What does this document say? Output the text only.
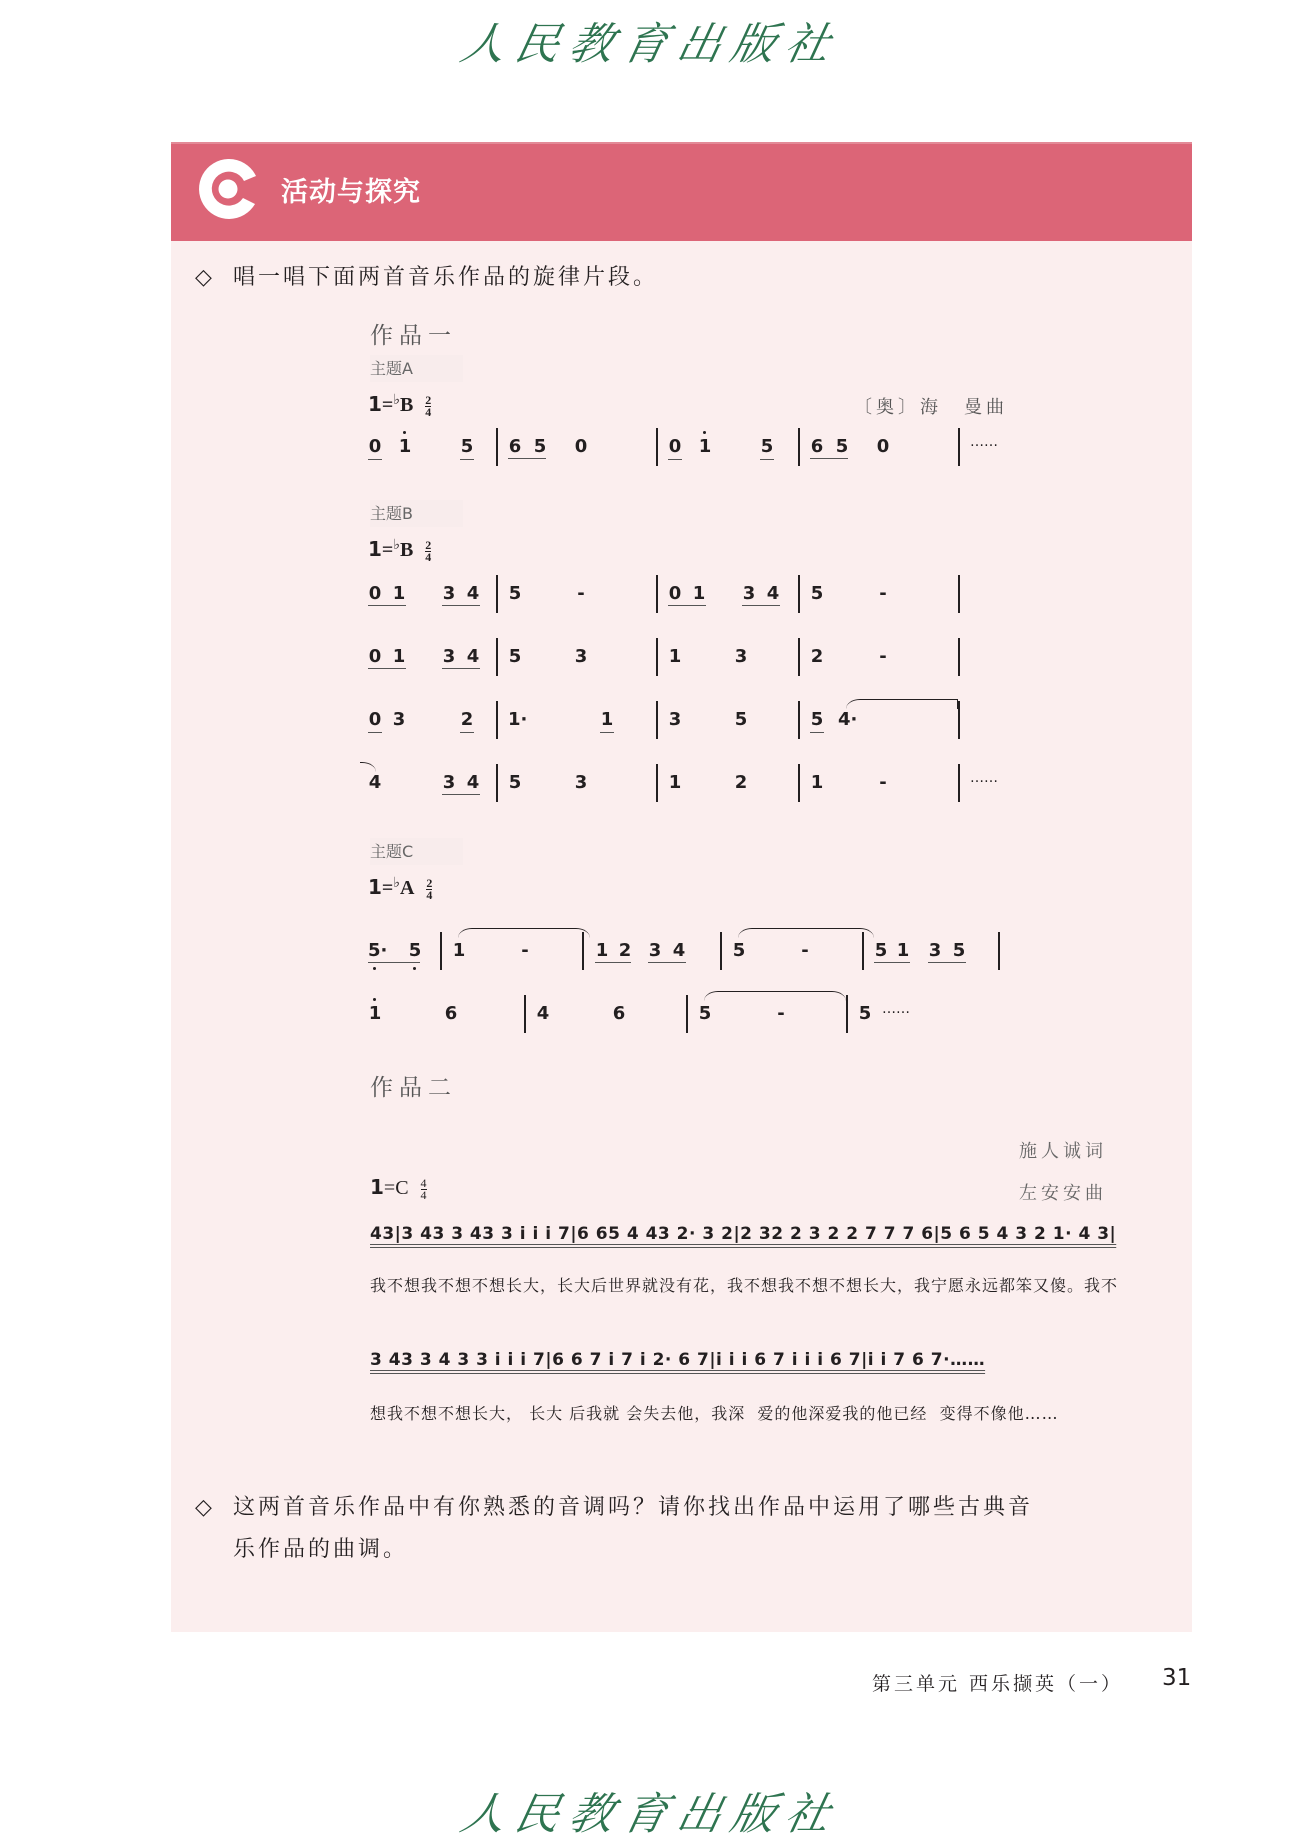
人民教育出版社
活动与探究
◇ 唱一唱下面两首音乐作品的旋律片段。
作品一
主题A
$1=^♭B \frac{2}{4}$	〔奥〕海　曼曲
0 1	5 6 5 0	0 1	5 6 5 0	……
主题B
$1=^♭B \frac{2}{4}$
0 1 3 4 5	-	0 1 3 4 5	-
0 1 3 4 5	3	1	3	2	-
0 3	2 1·	1	3	5	5 4·
4	3 4 5	3	1	2	1	-	……
主题C
$1=^♭A \frac{2}{4}$
5· 5 1	-	1 2 3 4	5	-	5 1 3 5
1	6	4	6	5	-	5 ……
作品二
施人诚词
左安安曲
$1=C \frac{4}{4}$
43|3 43 3 43 3 i i i 7|6 65 4 43 2· 3 2|2 32 2 3 2 2 7 7 7 6|5 6 5 4 3 2 1· 4 3|
我不想我不想不想长大，长大后世界就没有花，我不想我不想不想长大，我宁愿永远都笨又傻。我不
3 43 3 4 3 3 i i i 7|6 6 7 i 7 i 2· 6 7|i i i 6 7 i i i 6 7|i i 7 6 7·……
想我不想不想长大， 长大 后我就 会失去他，我深  爱的他深爱我的他已经  变得不像他……
◇ 这两首音乐作品中有你熟悉的音调吗？请你找出作品中运用了哪些古典音
乐作品的曲调。
第三单元 西乐撷英（一） 31
人民教育出版社
